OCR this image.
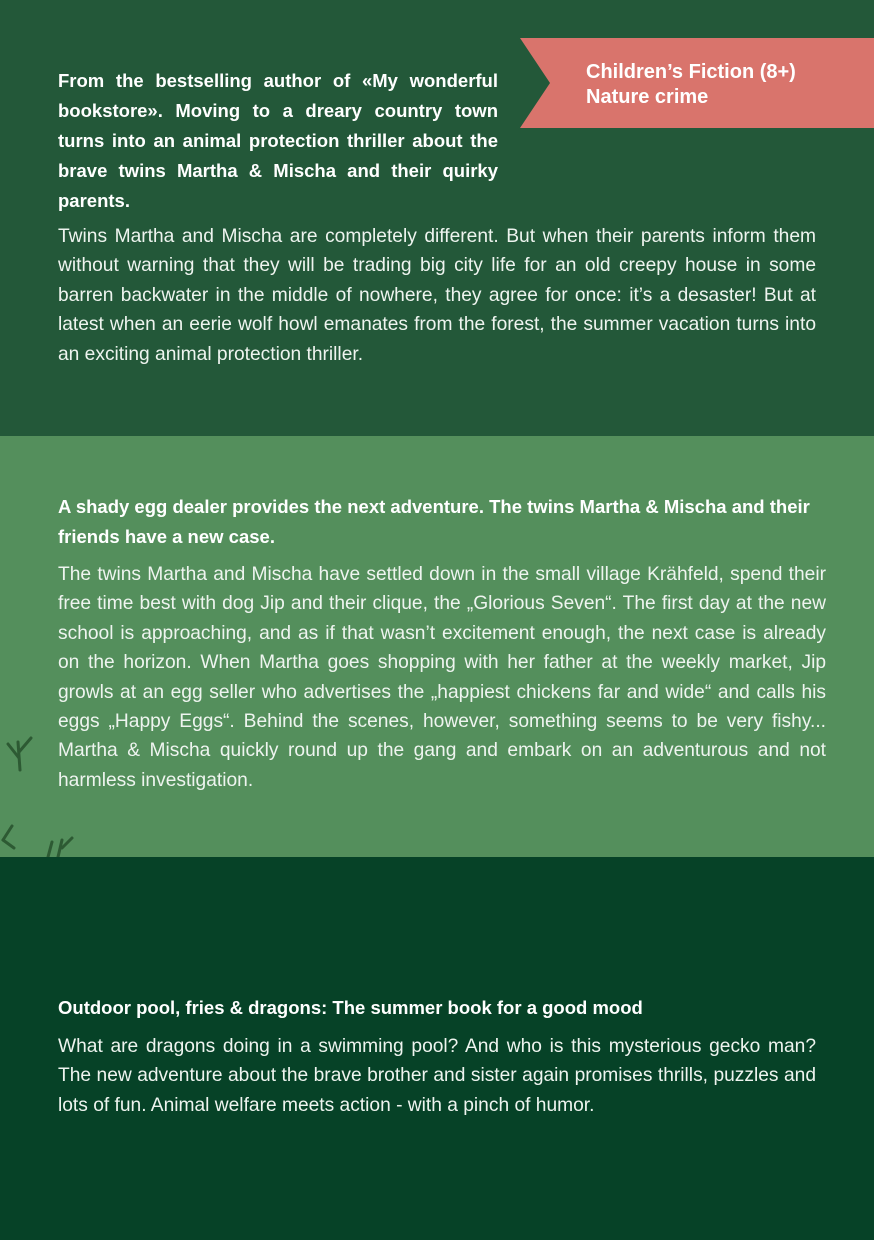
Children’s Fiction (8+)
Nature crime

From the bestselling author of «My wonderful bookstore». Moving to a dreary country town turns into an animal protection thriller about the brave twins Martha & Mischa and their quirky parents.

Twins Martha and Mischa are completely different. But when their parents inform them without warning that they will be trading big city life for an old creepy house in some barren backwater in the middle of nowhere, they agree for once: it’s a desaster! But at latest when an eerie wolf howl emanates from the forest, the summer vacation turns into an exciting animal protection thriller.

A shady egg dealer provides the next adventure. The twins Martha & Mischa and their friends have a new case.

The twins Martha and Mischa have settled down in the small village Krähfeld, spend their free time best with dog Jip and their clique, the „Glorious Seven“. The first day at the new school is approaching, and as if that wasn’t excitement enough, the next case is already on the horizon. When Martha goes shopping with her father at the weekly market, Jip growls at an egg seller who advertises the „happiest chickens far and wide“ and calls his eggs „Happy Eggs“. Behind the scenes, however, something seems to be very fishy... Martha & Mischa quickly round up the gang and embark on an adventurous and not harmless investigation.

Outdoor pool, fries & dragons: The summer book for a good mood

What are dragons doing in a swimming pool? And who is this mysterious gecko man? The new adventure about the brave brother and sister again promises thrills, puzzles and lots of fun. Animal welfare meets action - with a pinch of humor.
